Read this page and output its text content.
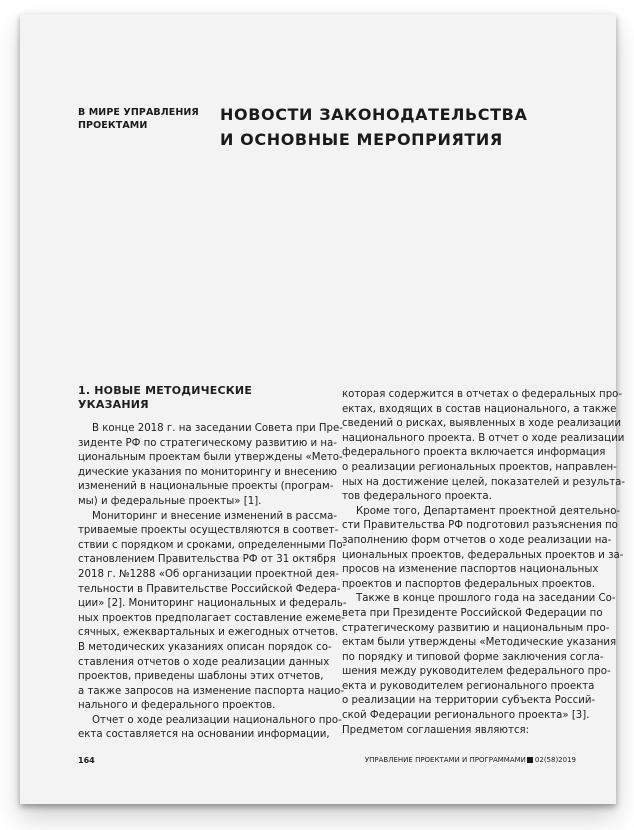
В МИРЕ УПРАВЛЕНИЯ
ПРОЕКТАМИ
НОВОСТИ ЗАКОНОДАТЕЛЬСТВА
И ОСНОВНЫЕ МЕРОПРИЯТИЯ
1. НОВЫЕ МЕТОДИЧЕСКИЕ УКАЗАНИЯ
В конце 2018 г. на заседании Совета при Пре-
зиденте РФ по стратегическому развитию и на-
циональным проектам были утверждены «Мето-
дические указания по мониторингу и внесению
изменений в национальные проекты (програм-
мы) и федеральные проекты» [1].
Мониторинг и внесение изменений в рассма-
триваемые проекты осуществляются в соответ-
ствии с порядком и сроками, определенными По-
становлением Правительства РФ от 31 октября
2018 г. №1288 «Об организации проектной дея-
тельности в Правительстве Российской Федера-
ции» [2]. Мониторинг национальных и федераль-
ных проектов предполагает составление ежеме-
сячных, ежеквартальных и ежегодных отчетов.
В методических указаниях описан порядок со-
ставления отчетов о ходе реализации данных
проектов, приведены шаблоны этих отчетов,
а также запросов на изменение паспорта нацио-
нального и федерального проектов.
Отчет о ходе реализации национального про-
екта составляется на основании информации,
которая содержится в отчетах о федеральных про-
ектах, входящих в состав национального, а также
сведений о рисках, выявленных в ходе реализации
национального проекта. В отчет о ходе реализации
федерального проекта включается информация
о реализации региональных проектов, направлен-
ных на достижение целей, показателей и результа-
тов федерального проекта.
Кроме того, Департамент проектной деятельно-
сти Правительства РФ подготовил разъяснения по
заполнению форм отчетов о ходе реализации на-
циональных проектов, федеральных проектов и за-
просов на изменение паспортов национальных
проектов и паспортов федеральных проектов.
Также в конце прошлого года на заседании Со-
вета при Президенте Российской Федерации по
стратегическому развитию и национальным про-
ектам были утверждены «Методические указания
по порядку и типовой форме заключения согла-
шения между руководителем федерального про-
екта и руководителем регионального проекта
о реализации на территории субъекта Россий-
ской Федерации регионального проекта» [3].
Предметом соглашения являются:
164	УПРАВЛЕНИЕ ПРОЕКТАМИ И ПРОГРАММАМИ 02(58)2019
